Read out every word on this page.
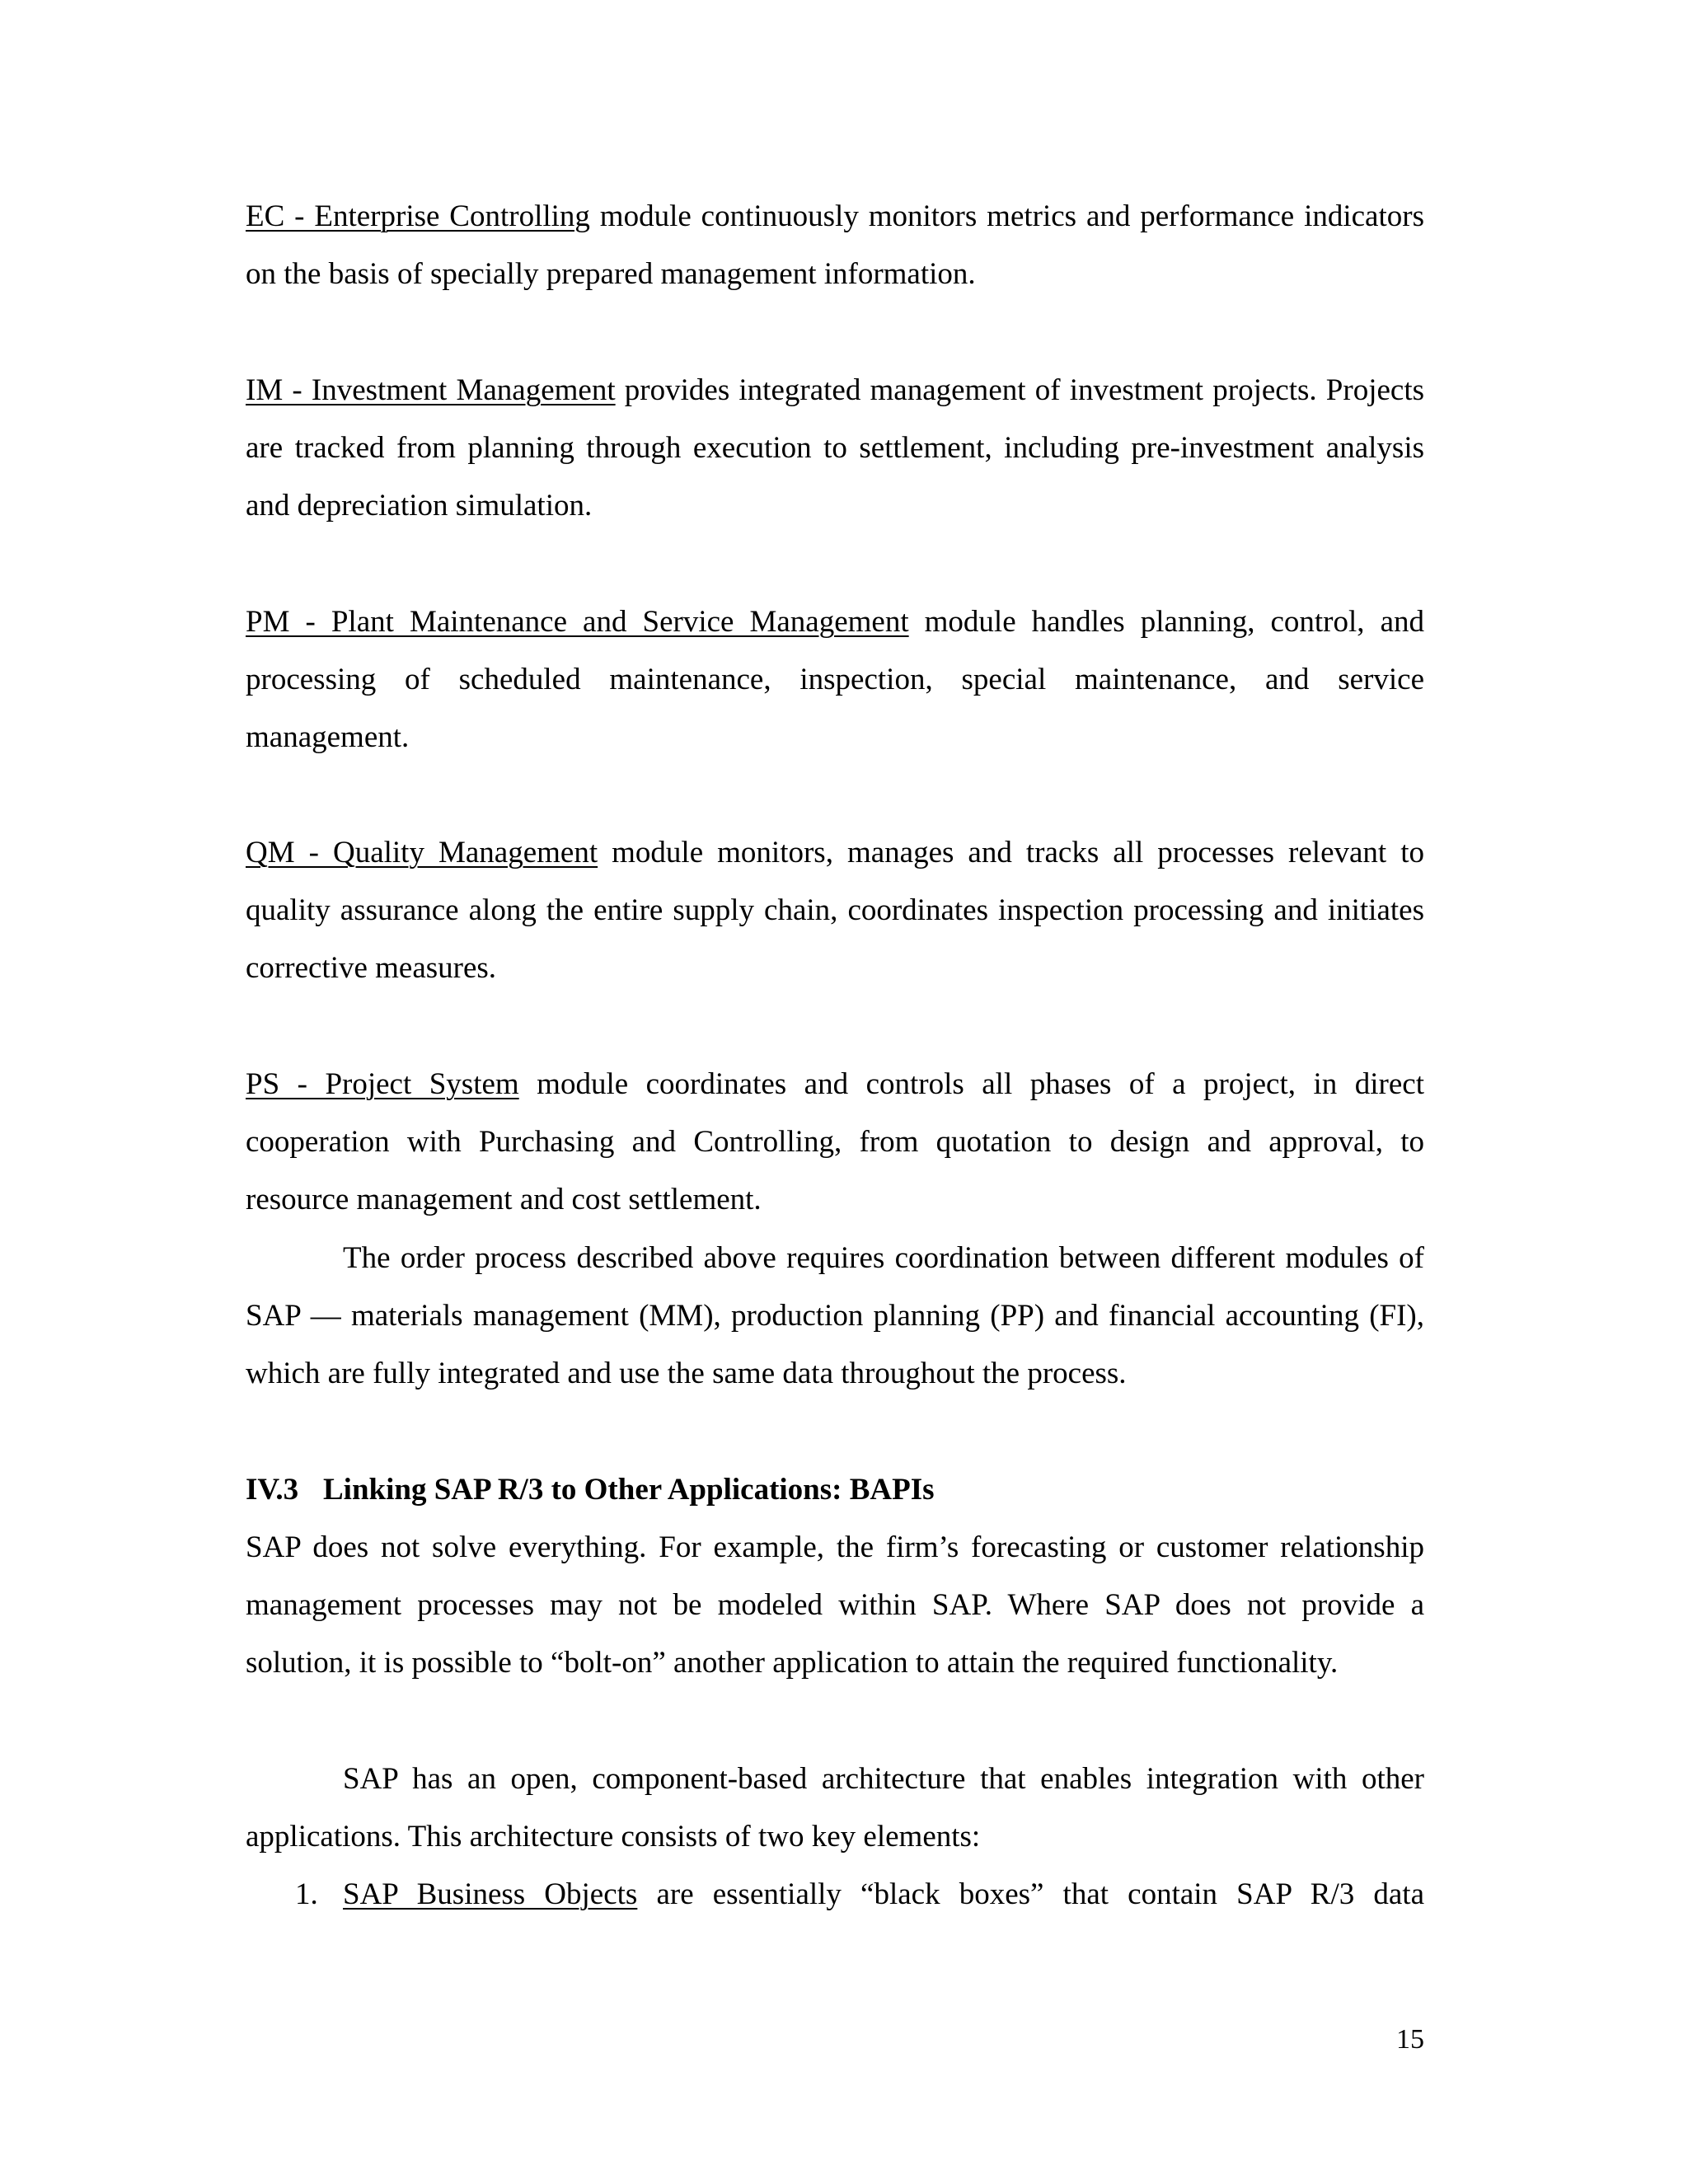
EC - Enterprise Controlling module continuously monitors metrics and performance indicators on the basis of specially prepared management information.

IM - Investment Management provides integrated management of investment projects. Projects are tracked from planning through execution to settlement, including pre-investment analysis and depreciation simulation.

PM - Plant Maintenance and Service Management module handles planning, control, and processing of scheduled maintenance, inspection, special maintenance, and service management.

QM - Quality Management module monitors, manages and tracks all processes relevant to quality assurance along the entire supply chain, coordinates inspection processing and initiates corrective measures.

PS - Project System module coordinates and controls all phases of a project, in direct cooperation with Purchasing and Controlling, from quotation to design and approval, to resource management and cost settlement.

The order process described above requires coordination between different modules of SAP — materials management (MM), production planning (PP) and financial accounting (FI), which are fully integrated and use the same data throughout the process.

IV.3 Linking SAP R/3 to Other Applications: BAPIs

SAP does not solve everything. For example, the firm’s forecasting or customer relationship management processes may not be modeled within SAP. Where SAP does not provide a solution, it is possible to “bolt-on” another application to attain the required functionality.

SAP has an open, component-based architecture that enables integration with other applications. This architecture consists of two key elements:

1. SAP Business Objects are essentially “black boxes” that contain SAP R/3 data
15
